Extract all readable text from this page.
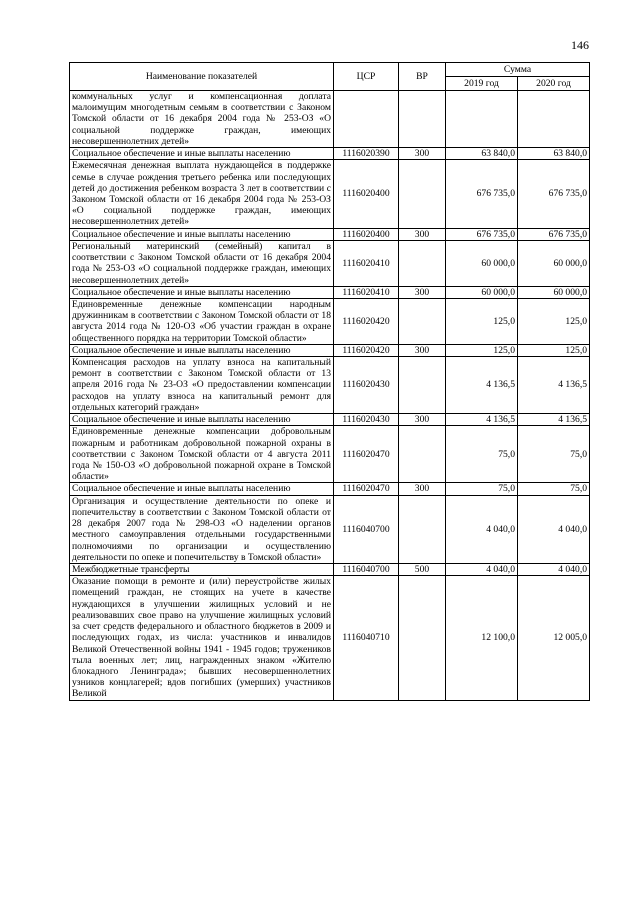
146
Наименование показателей	ЦСР	ВР	Сумма	
			2019 год	2020 год
коммунальных услуг и компенсационная доплата малоимущим многодетным семьям в соответствии с Законом Томской области от 16 декабря 2004 года № 253-ОЗ «О социальной поддержке граждан, имеющих несовершеннолетних детей»				
Социальное обеспечение и иные выплаты населению	1116020390	300	63 840,0	63 840,0
Ежемесячная денежная выплата нуждающейся в поддержке семье в случае рождения третьего ребенка или последующих детей до достижения ребенком возраста 3 лет в соответствии с Законом Томской области от 16 декабря 2004 года № 253-ОЗ «О социальной поддержке граждан, имеющих несовершеннолетних детей»	1116020400		676 735,0	676 735,0
Социальное обеспечение и иные выплаты населению	1116020400	300	676 735,0	676 735,0
Региональный материнский (семейный) капитал в соответствии с Законом Томской области от 16 декабря 2004 года № 253-ОЗ «О социальной поддержке граждан, имеющих несовершеннолетних детей»	1116020410		60 000,0	60 000,0
Социальное обеспечение и иные выплаты населению	1116020410	300	60 000,0	60 000,0
Единовременные денежные компенсации народным дружинникам в соответствии с Законом Томской области от 18 августа 2014 года № 120-ОЗ «Об участии граждан в охране общественного порядка на территории Томской области»	1116020420		125,0	125,0
Социальное обеспечение и иные выплаты населению	1116020420	300	125,0	125,0
Компенсация расходов на уплату взноса на капитальный ремонт в соответствии с Законом Томской области от 13 апреля 2016 года № 23-ОЗ «О предоставлении компенсации расходов на уплату взноса на капитальный ремонт для отдельных категорий граждан»	1116020430		4 136,5	4 136,5
Социальное обеспечение и иные выплаты населению	1116020430	300	4 136,5	4 136,5
Единовременные денежные компенсации добровольным пожарным и работникам добровольной пожарной охраны в соответствии с Законом Томской области от 4 августа 2011 года № 150-ОЗ «О добровольной пожарной охране в Томской области»	1116020470		75,0	75,0
Социальное обеспечение и иные выплаты населению	1116020470	300	75,0	75,0
Организация и осуществление деятельности по опеке и попечительству в соответствии с Законом Томской области от 28 декабря 2007 года № 298-ОЗ «О наделении органов местного самоуправления отдельными государственными полномочиями по организации и осуществлению деятельности по опеке и попечительству в Томской области»	1116040700		4 040,0	4 040,0
Межбюджетные трансферты	1116040700	500	4 040,0	4 040,0
Оказание помощи в ремонте и (или) переустройстве жилых помещений граждан, не стоящих на учете в качестве нуждающихся в улучшении жилищных условий и не реализовавших свое право на улучшение жилищных условий за счет средств федерального и областного бюджетов в 2009 и последующих годах, из числа: участников и инвалидов Великой Отечественной войны 1941 - 1945 годов; тружеников тыла военных лет; лиц, награжденных знаком «Жителю блокадного Ленинграда»; бывших несовершеннолетних узников концлагерей; вдов погибших (умерших) участников Великой	1116040710		12 100,0	12 005,0
